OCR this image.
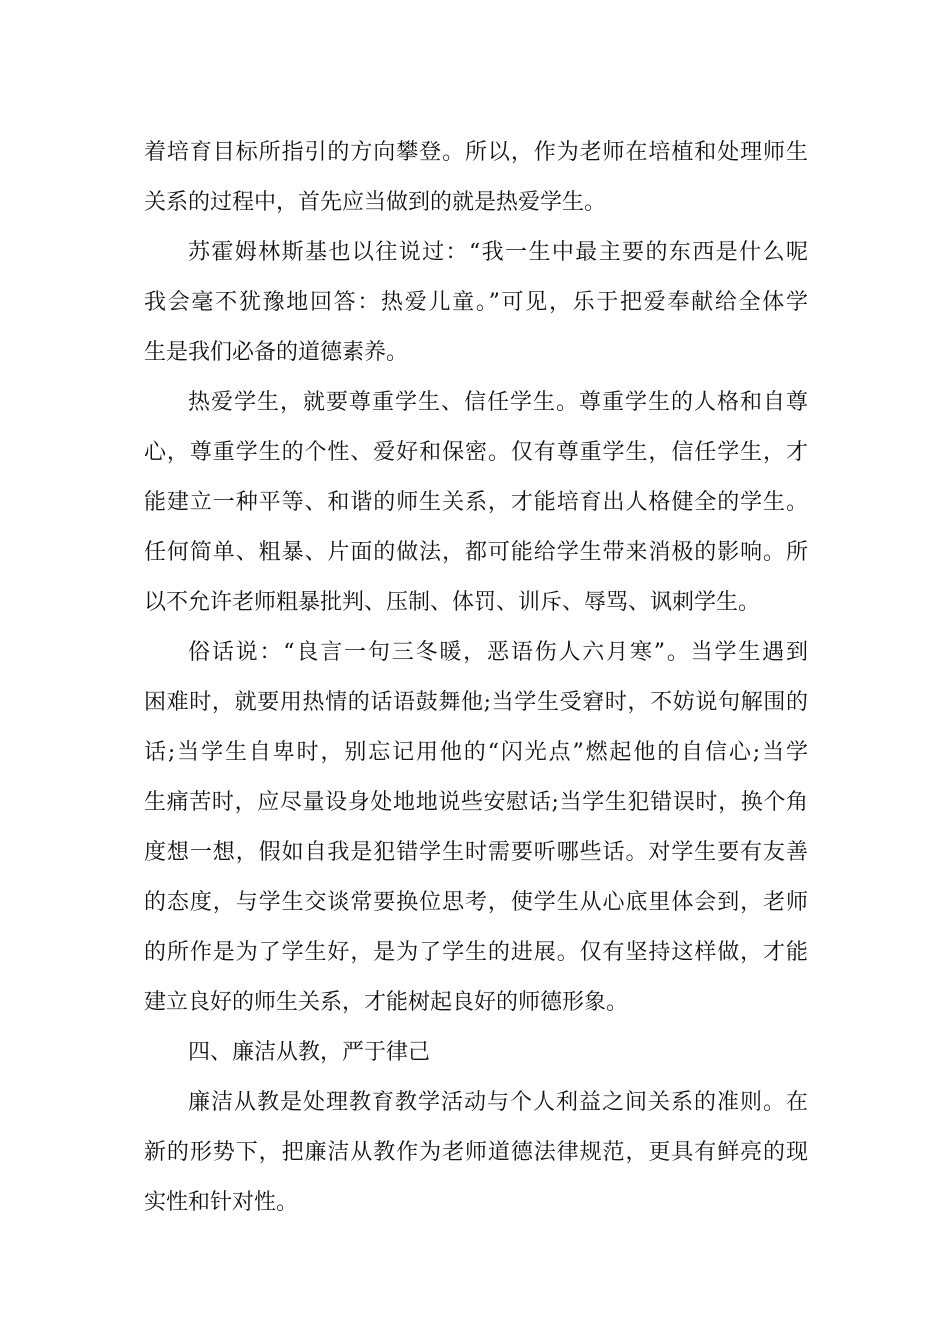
着培育目标所指引的方向攀登。所以，作为老师在培植和处理师生
关系的过程中，首先应当做到的就是热爱学生。
苏霍姆林斯基也以往说过：“我一生中最主要的东西是什么呢
我会毫不犹豫地回答：热爱儿童。”可见，乐于把爱奉献给全体学
生是我们必备的道德素养。
热爱学生，就要尊重学生、信任学生。尊重学生的人格和自尊
心，尊重学生的个性、爱好和保密。仅有尊重学生，信任学生，才
能建立一种平等、和谐的师生关系，才能培育出人格健全的学生。
任何简单、粗暴、片面的做法，都可能给学生带来消极的影响。所
以不允许老师粗暴批判、压制、体罚、训斥、辱骂、讽刺学生。
俗话说：“良言一句三冬暖，恶语伤人六月寒”。当学生遇到
困难时，就要用热情的话语鼓舞他;当学生受窘时，不妨说句解围的
话;当学生自卑时，别忘记用他的“闪光点”燃起他的自信心;当学
生痛苦时，应尽量设身处地地说些安慰话;当学生犯错误时，换个角
度想一想，假如自我是犯错学生时需要听哪些话。对学生要有友善
的态度，与学生交谈常要换位思考，使学生从心底里体会到，老师
的所作是为了学生好，是为了学生的进展。仅有坚持这样做，才能
建立良好的师生关系，才能树起良好的师德形象。
四、廉洁从教，严于律己
廉洁从教是处理教育教学活动与个人利益之间关系的准则。在
新的形势下，把廉洁从教作为老师道德法律规范，更具有鲜亮的现
实性和针对性。
